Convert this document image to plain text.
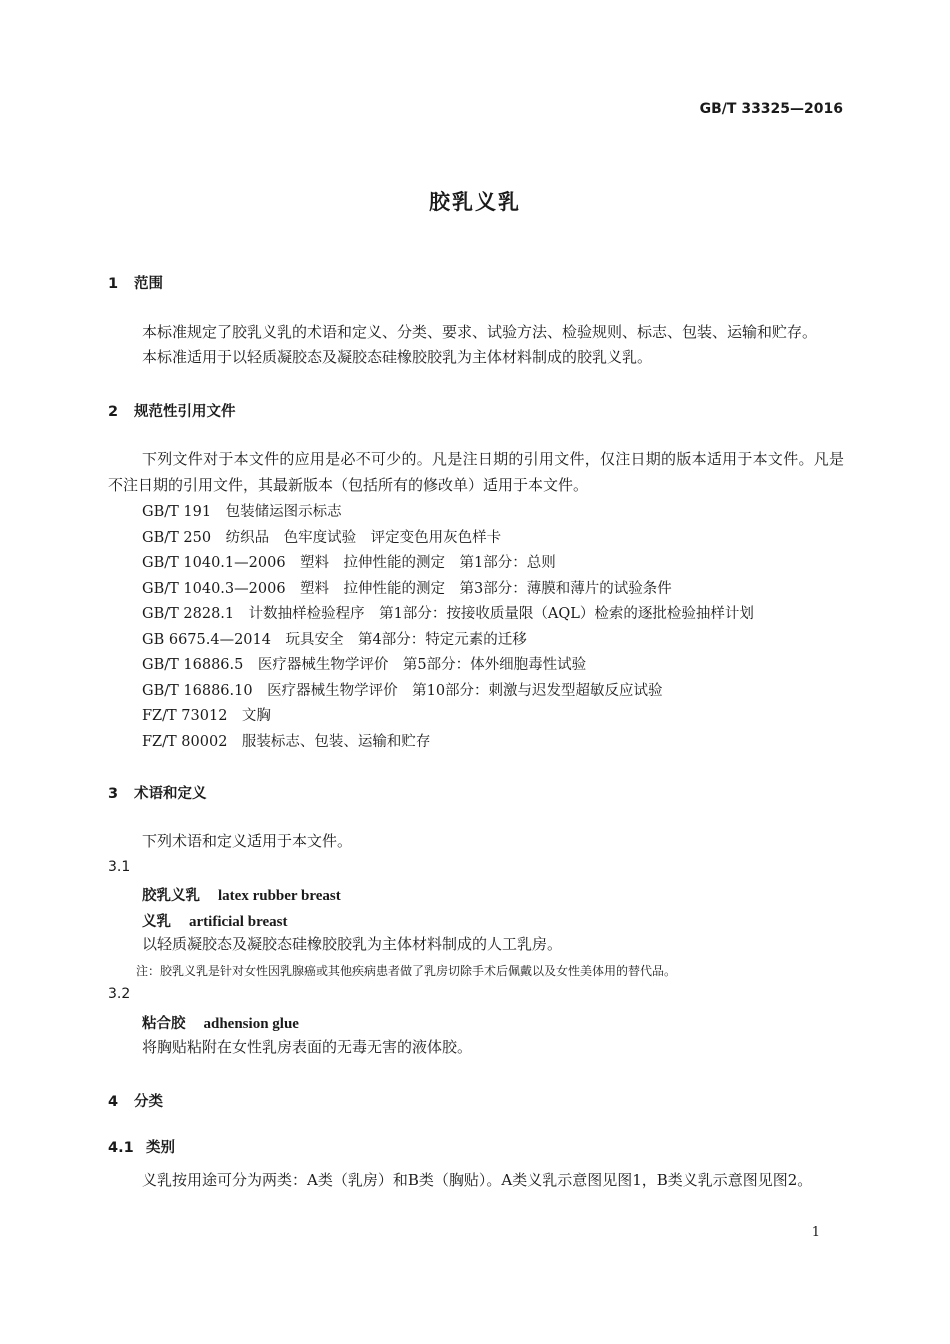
GB/T 33325—2016
胶乳义乳
1 范围
本标准规定了胶乳义乳的术语和定义、分类、要求、试验方法、检验规则、标志、包装、运输和贮存。
本标准适用于以轻质凝胶态及凝胶态硅橡胶胶乳为主体材料制成的胶乳义乳。
2 规范性引用文件
下列文件对于本文件的应用是必不可少的。凡是注日期的引用文件，仅注日期的版本适用于本文件。凡是不注日期的引用文件，其最新版本（包括所有的修改单）适用于本文件。
GB/T 191　包装储运图示标志
GB/T 250　纺织品　色牢度试验　评定变色用灰色样卡
GB/T 1040.1—2006　塑料　拉伸性能的测定　第1部分：总则
GB/T 1040.3—2006　塑料　拉伸性能的测定　第3部分：薄膜和薄片的试验条件
GB/T 2828.1　计数抽样检验程序　第1部分：按接收质量限（AQL）检索的逐批检验抽样计划
GB 6675.4—2014　玩具安全　第4部分：特定元素的迁移
GB/T 16886.5　医疗器械生物学评价　第5部分：体外细胞毒性试验
GB/T 16886.10　医疗器械生物学评价　第10部分：刺激与迟发型超敏反应试验
FZ/T 73012　文胸
FZ/T 80002　服装标志、包装、运输和贮存
3 术语和定义
下列术语和定义适用于本文件。
3.1
胶乳义乳 latex rubber breast
义乳 artificial breast
以轻质凝胶态及凝胶态硅橡胶胶乳为主体材料制成的人工乳房。
注：胶乳义乳是针对女性因乳腺癌或其他疾病患者做了乳房切除手术后佩戴以及女性美体用的替代品。
3.2
粘合胶 adhension glue
将胸贴粘附在女性乳房表面的无毒无害的液体胶。
4 分类
4.1 类别
义乳按用途可分为两类：A类（乳房）和B类（胸贴）。A类义乳示意图见图1，B类义乳示意图见图2。
1
